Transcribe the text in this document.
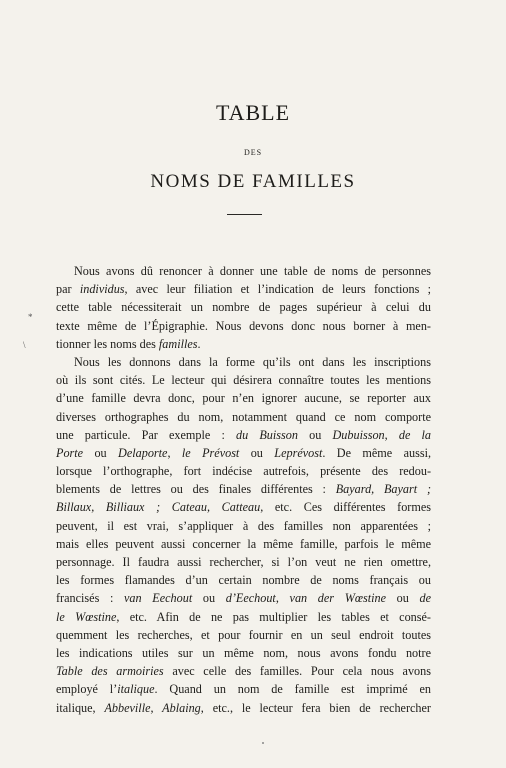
TABLE
DES
NOMS DE FAMILLES
*
\
Nous avons dû renoncer à donner une table de noms de personnes
par individus, avec leur filiation et l’indication de leurs fonctions ;
cette table nécessiterait un nombre de pages supérieur à celui du
texte même de l’Épigraphie. Nous devons donc nous borner à men-
tionner les noms des familles.
Nous les donnons dans la forme qu’ils ont dans les inscriptions
où ils sont cités. Le lecteur qui désirera connaître toutes les mentions
d’une famille devra donc, pour n’en ignorer aucune, se reporter aux
diverses orthographes du nom, notamment quand ce nom comporte
une particule. Par exemple : du Buisson ou Dubuisson, de la
Porte ou Delaporte, le Prévost ou Leprévost. De même aussi,
lorsque l’orthographe, fort indécise autrefois, présente des redou-
blements de lettres ou des finales différentes : Bayard, Bayart ;
Billaux, Billiaux ; Cateau, Catteau, etc. Ces différentes formes
peuvent, il est vrai, s’appliquer à des familles non apparentées ;
mais elles peuvent aussi concerner la même famille, parfois le même
personnage. Il faudra aussi rechercher, si l’on veut ne rien omettre,
les formes flamandes d’un certain nombre de noms français ou
francisés : van Eechout ou d’Eechout, van der Wœstine ou de
le Wœstine, etc. Afin de ne pas multiplier les tables et consé-
quemment les recherches, et pour fournir en un seul endroit toutes
les indications utiles sur un même nom, nous avons fondu notre
Table des armoiries avec celle des familles. Pour cela nous avons
employé l’italique. Quand un nom de famille est imprimé en
italique, Abbeville, Ablaing, etc., le lecteur fera bien de rechercher
